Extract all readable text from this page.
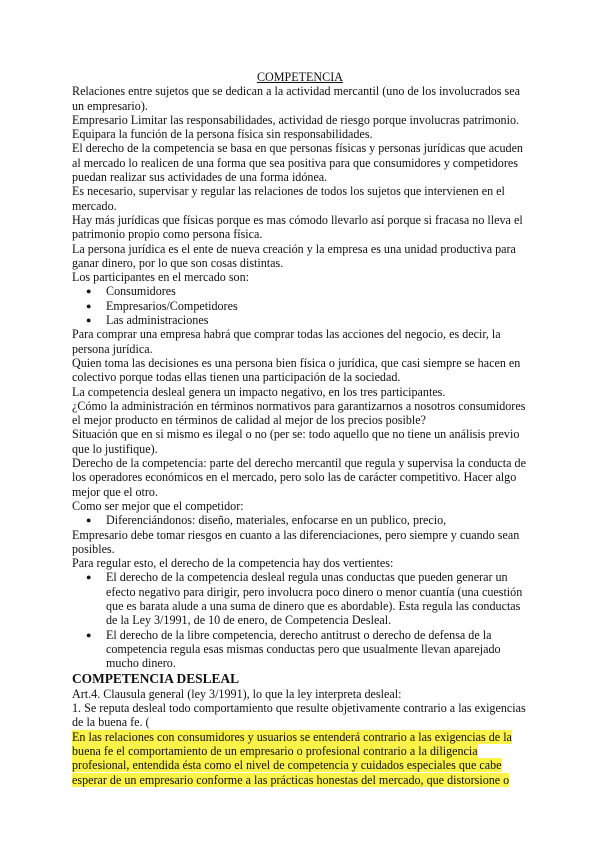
COMPETENCIA

Relaciones entre sujetos que se dedican a la actividad mercantil (uno de los involucrados sea un empresario).

Empresario Limitar las responsabilidades, actividad de riesgo porque involucras patrimonio. Equipara la función de la persona física sin responsabilidades.

El derecho de la competencia se basa en que personas físicas y personas jurídicas que acuden al mercado lo realicen de una forma que sea positiva para que consumidores y competidores puedan realizar sus actividades de una forma idónea.

Es necesario, supervisar y regular las relaciones de todos los sujetos que intervienen en el mercado.

Hay más jurídicas que físicas porque es mas cómodo llevarlo así porque si fracasa no lleva el patrimonio propio como persona física.

La persona jurídica es el ente de nueva creación y la empresa es una unidad productiva para ganar dinero, por lo que son cosas distintas.

Los participantes en el mercado son:

● Consumidores
● Empresarios/Competidores
● Las administraciones

Para comprar una empresa habrá que comprar todas las acciones del negocio, es decir, la persona jurídica.

Quien toma las decisiones es una persona bien física o jurídica, que casi siempre se hacen en colectivo porque todas ellas tienen una participación de la sociedad.

La competencia desleal genera un impacto negativo, en los tres participantes.

¿Cómo la administración en términos normativos para garantizarnos a nosotros consumidores el mejor producto en términos de calidad al mejor de los precios posible?

Situación que en si mismo es ilegal o no (per se: todo aquello que no tiene un análisis previo que lo justifique).

Derecho de la competencia: parte del derecho mercantil que regula y supervisa la conducta de los operadores económicos en el mercado, pero solo las de carácter competitivo. Hacer algo mejor que el otro.

Como ser mejor que el competidor:

● Diferenciándonos: diseño, materiales, enfocarse en un publico, precio,

Empresario debe tomar riesgos en cuanto a las diferenciaciones, pero siempre y cuando sean posibles.

Para regular esto, el derecho de la competencia hay dos vertientes:

● El derecho de la competencia desleal regula unas conductas que pueden generar un efecto negativo para dirigir, pero involucra poco dinero o menor cuantía (una cuestión que es barata alude a una suma de dinero que es abordable). Esta regula las conductas de la Ley 3/1991, de 10 de enero, de Competencia Desleal.
● El derecho de la libre competencia, derecho antitrust o derecho de defensa de la competencia regula esas mismas conductas pero que usualmente llevan aparejado mucho dinero.
COMPETENCIA DESLEAL

Art.4. Clausula general (ley 3/1991), lo que la ley interpreta desleal:

1. Se reputa desleal todo comportamiento que resulte objetivamente contrario a las exigencias de la buena fe. (

En las relaciones con consumidores y usuarios se entenderá contrario a las exigencias de la buena fe el comportamiento de un empresario o profesional contrario a la diligencia profesional, entendida ésta como el nivel de competencia y cuidados especiales que cabe esperar de un empresario conforme a las prácticas honestas del mercado, que distorsione o
